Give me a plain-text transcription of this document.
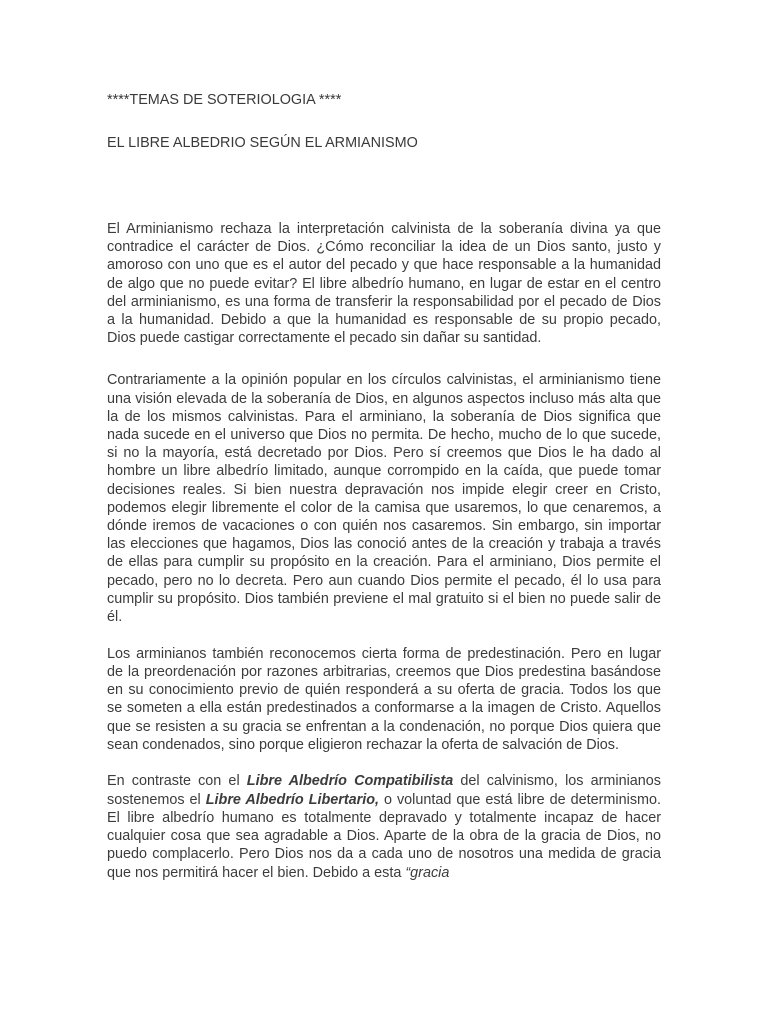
****TEMAS DE SOTERIOLOGIA ****
EL LIBRE ALBEDRIO SEGÚN EL ARMIANISMO

El Arminianismo rechaza la interpretación calvinista de la soberanía divina ya que contradice el carácter de Dios. ¿Cómo reconciliar la idea de un Dios santo, justo y amoroso con uno que es el autor del pecado y que hace responsable a la humanidad de algo que no puede evitar? El libre albedrío humano, en lugar de estar en el centro del arminianismo, es una forma de transferir la responsabilidad por el pecado de Dios a la humanidad. Debido a que la humanidad es responsable de su propio pecado, Dios puede castigar correctamente el pecado sin dañar su santidad.

Contrariamente a la opinión popular en los círculos calvinistas, el arminianismo tiene una visión elevada de la soberanía de Dios, en algunos aspectos incluso más alta que la de los mismos calvinistas. Para el arminiano, la soberanía de Dios significa que nada sucede en el universo que Dios no permita. De hecho, mucho de lo que sucede, si no la mayoría, está decretado por Dios. Pero sí creemos que Dios le ha dado al hombre un libre albedrío limitado, aunque corrompido en la caída, que puede tomar decisiones reales. Si bien nuestra depravación nos impide elegir creer en Cristo, podemos elegir libremente el color de la camisa que usaremos, lo que cenaremos, a dónde iremos de vacaciones o con quién nos casaremos. Sin embargo, sin importar las elecciones que hagamos, Dios las conoció antes de la creación y trabaja a través de ellas para cumplir su propósito en la creación. Para el arminiano, Dios permite el pecado, pero no lo decreta. Pero aun cuando Dios permite el pecado, él lo usa para cumplir su propósito. Dios también previene el mal gratuito si el bien no puede salir de él.

Los arminianos también reconocemos cierta forma de predestinación. Pero en lugar de la preordenación por razones arbitrarias, creemos que Dios predestina basándose en su conocimiento previo de quién responderá a su oferta de gracia. Todos los que se someten a ella están predestinados a conformarse a la imagen de Cristo. Aquellos que se resisten a su gracia se enfrentan a la condenación, no porque Dios quiera que sean condenados, sino porque eligieron rechazar la oferta de salvación de Dios.

En contraste con el Libre Albedrío Compatibilista del calvinismo, los arminianos sostenemos el Libre Albedrío Libertario, o voluntad que está libre de determinismo. El libre albedrío humano es totalmente depravado y totalmente incapaz de hacer cualquier cosa que sea agradable a Dios. Aparte de la obra de la gracia de Dios, no puedo complacerlo. Pero Dios nos da a cada uno de nosotros una medida de gracia que nos permitirá hacer el bien. Debido a esta “gracia
